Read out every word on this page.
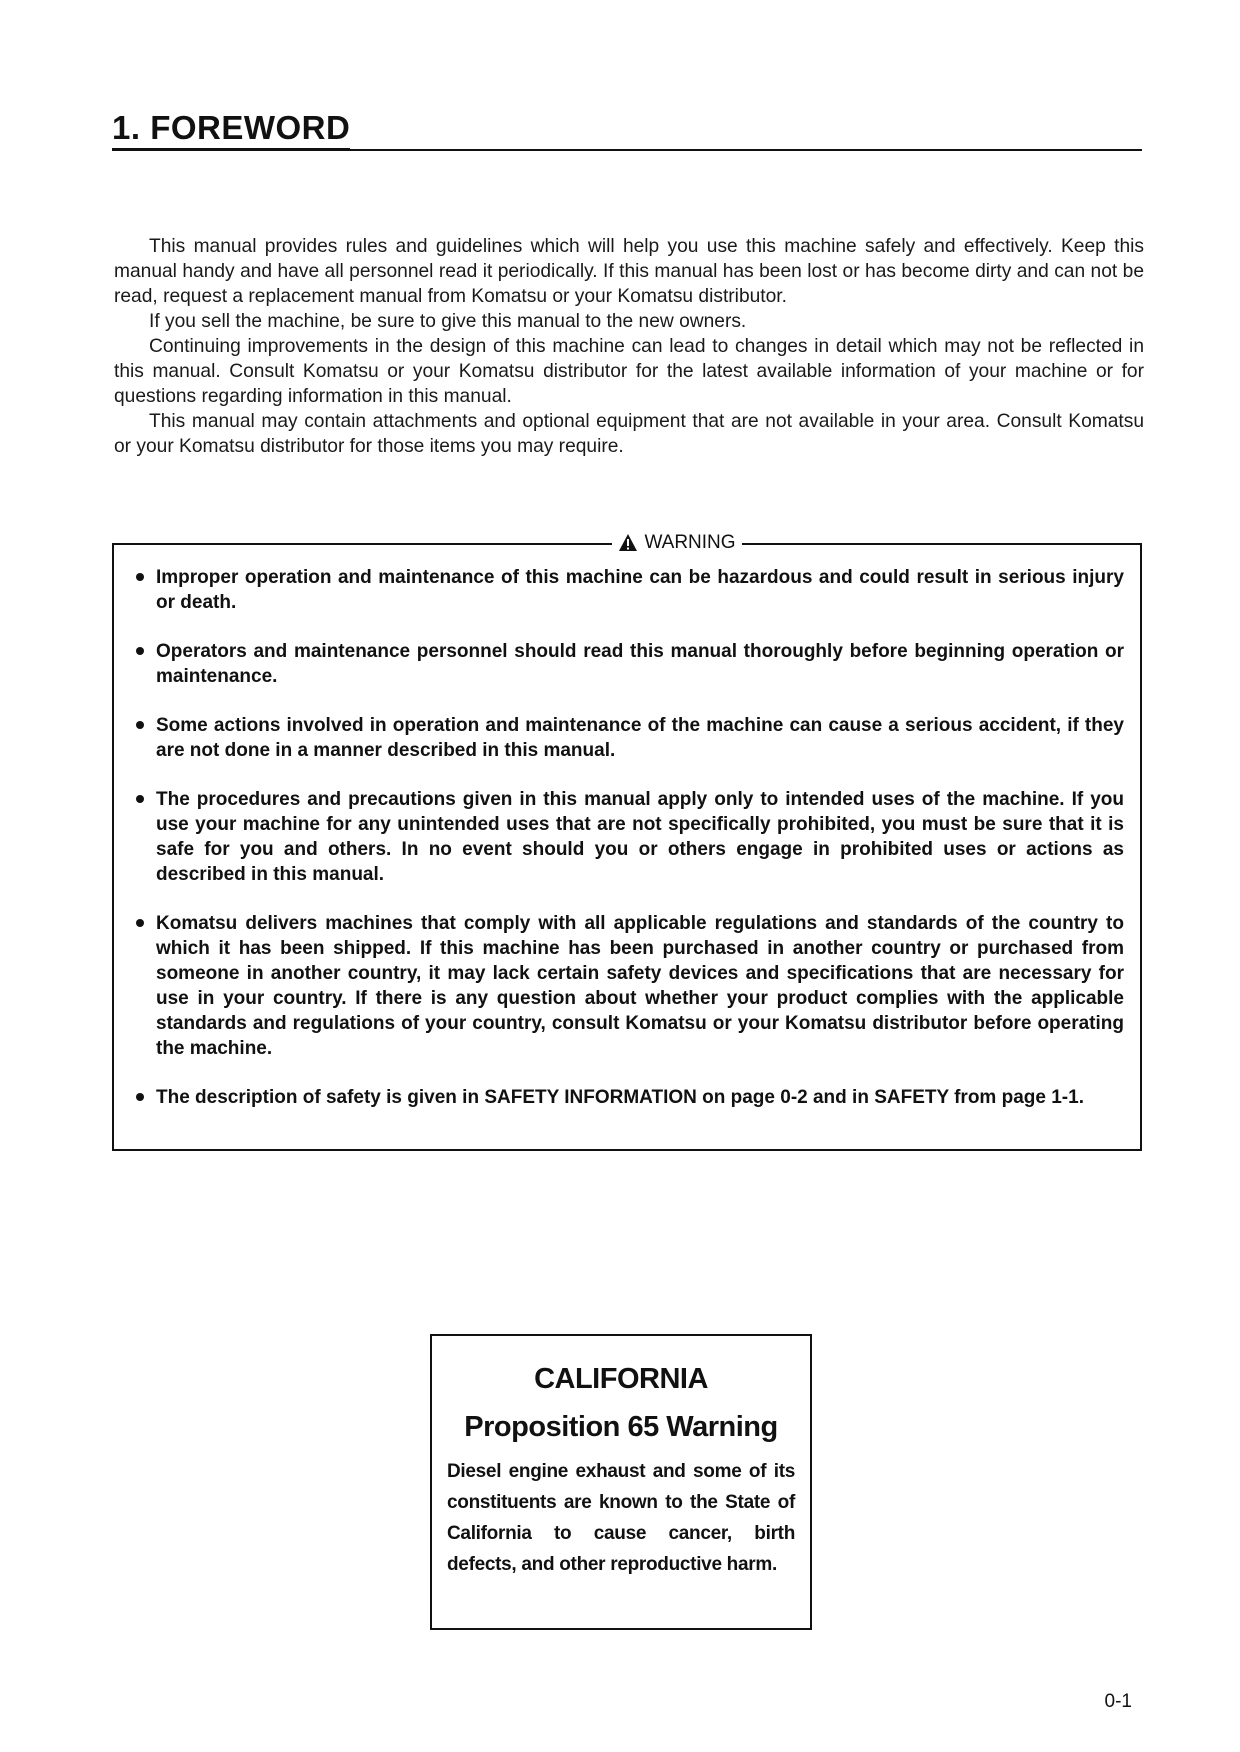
1. FOREWORD

This manual provides rules and guidelines which will help you use this machine safely and effectively. Keep this manual handy and have all personnel read it periodically. If this manual has been lost or has become dirty and can not be read, request a replacement manual from Komatsu or your Komatsu distributor.

If you sell the machine, be sure to give this manual to the new owners.

Continuing improvements in the design of this machine can lead to changes in detail which may not be reflected in this manual. Consult Komatsu or your Komatsu distributor for the latest available information of your machine or for questions regarding information in this manual.

This manual may contain attachments and optional equipment that are not available in your area. Consult Komatsu or your Komatsu distributor for those items you may require.

WARNING
Improper operation and maintenance of this machine can be hazardous and could result in serious injury or death.
Operators and maintenance personnel should read this manual thoroughly before beginning operation or maintenance.
Some actions involved in operation and maintenance of the machine can cause a serious accident, if they are not done in a manner described in this manual.
The procedures and precautions given in this manual apply only to intended uses of the machine. If you use your machine for any unintended uses that are not specifically prohibited, you must be sure that it is safe for you and others. In no event should you or others engage in prohibited uses or actions as described in this manual.
Komatsu delivers machines that comply with all applicable regulations and standards of the country to which it has been shipped. If this machine has been purchased in another country or purchased from someone in another country, it may lack certain safety devices and specifications that are necessary for use in your country. If there is any question about whether your product complies with the applicable standards and regulations of your country, consult Komatsu or your Komatsu distributor before operating the machine.
The description of safety is given in SAFETY INFORMATION on page 0-2 and in SAFETY from page 1-1.
CALIFORNIA
Proposition 65 Warning
Diesel engine exhaust and some of its constituents are known to the State of California to cause cancer, birth defects, and other reproductive harm.
0-1
